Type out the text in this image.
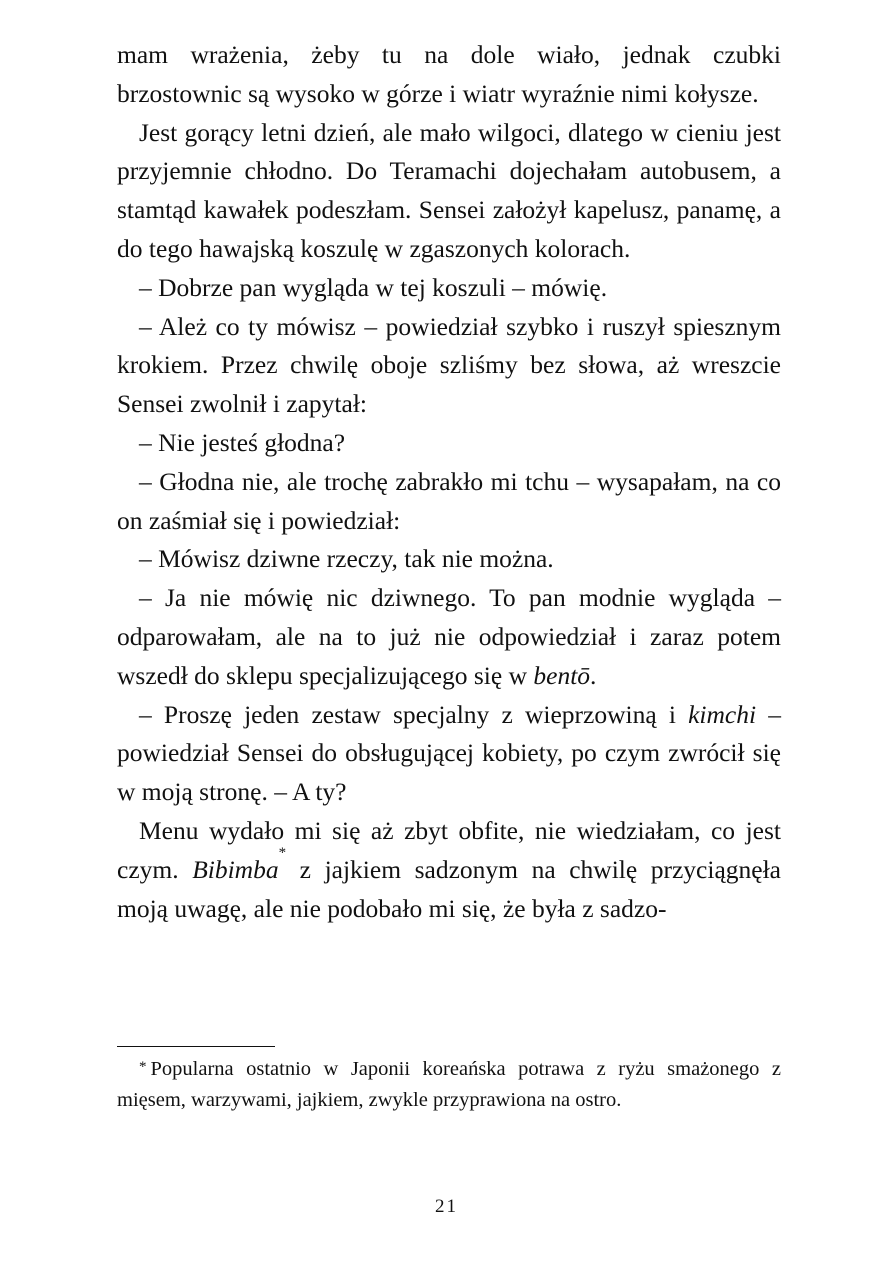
mam wrażenia, żeby tu na dole wiało, jednak czubki brzostownic są wysoko w górze i wiatr wyraźnie nimi kołysze.

Jest gorący letni dzień, ale mało wilgoci, dlatego w cieniu jest przyjemnie chłodno. Do Teramachi dojechałam autobusem, a stamtąd kawałek podeszłam. Sensei założył kapelusz, panamę, a do tego hawajską koszulę w zgaszonych kolorach.

– Dobrze pan wygląda w tej koszuli – mówię.

– Ależ co ty mówisz – powiedział szybko i ruszył spiesznym krokiem. Przez chwilę oboje szliśmy bez słowa, aż wreszcie Sensei zwolnił i zapytał:

– Nie jesteś głodna?

– Głodna nie, ale trochę zabrakło mi tchu – wysapałam, na co on zaśmiał się i powiedział:

– Mówisz dziwne rzeczy, tak nie można.

– Ja nie mówię nic dziwnego. To pan modnie wygląda – odparowałam, ale na to już nie odpowiedział i zaraz potem wszedł do sklepu specjalizującego się w bentō.

– Proszę jeden zestaw specjalny z wieprzowiną i kimchi – powiedział Sensei do obsługującej kobiety, po czym zwrócił się w moją stronę. – A ty?

Menu wydało mi się aż zbyt obfite, nie wiedziałam, co jest czym. Bibimba* z jajkiem sadzonym na chwilę przyciągnęła moją uwagę, ale nie podobało mi się, że była z sadzo-

* Popularna ostatnio w Japonii koreańska potrawa z ryżu smażonego z mięsem, warzywami, jajkiem, zwykle przyprawiona na ostro.
21
